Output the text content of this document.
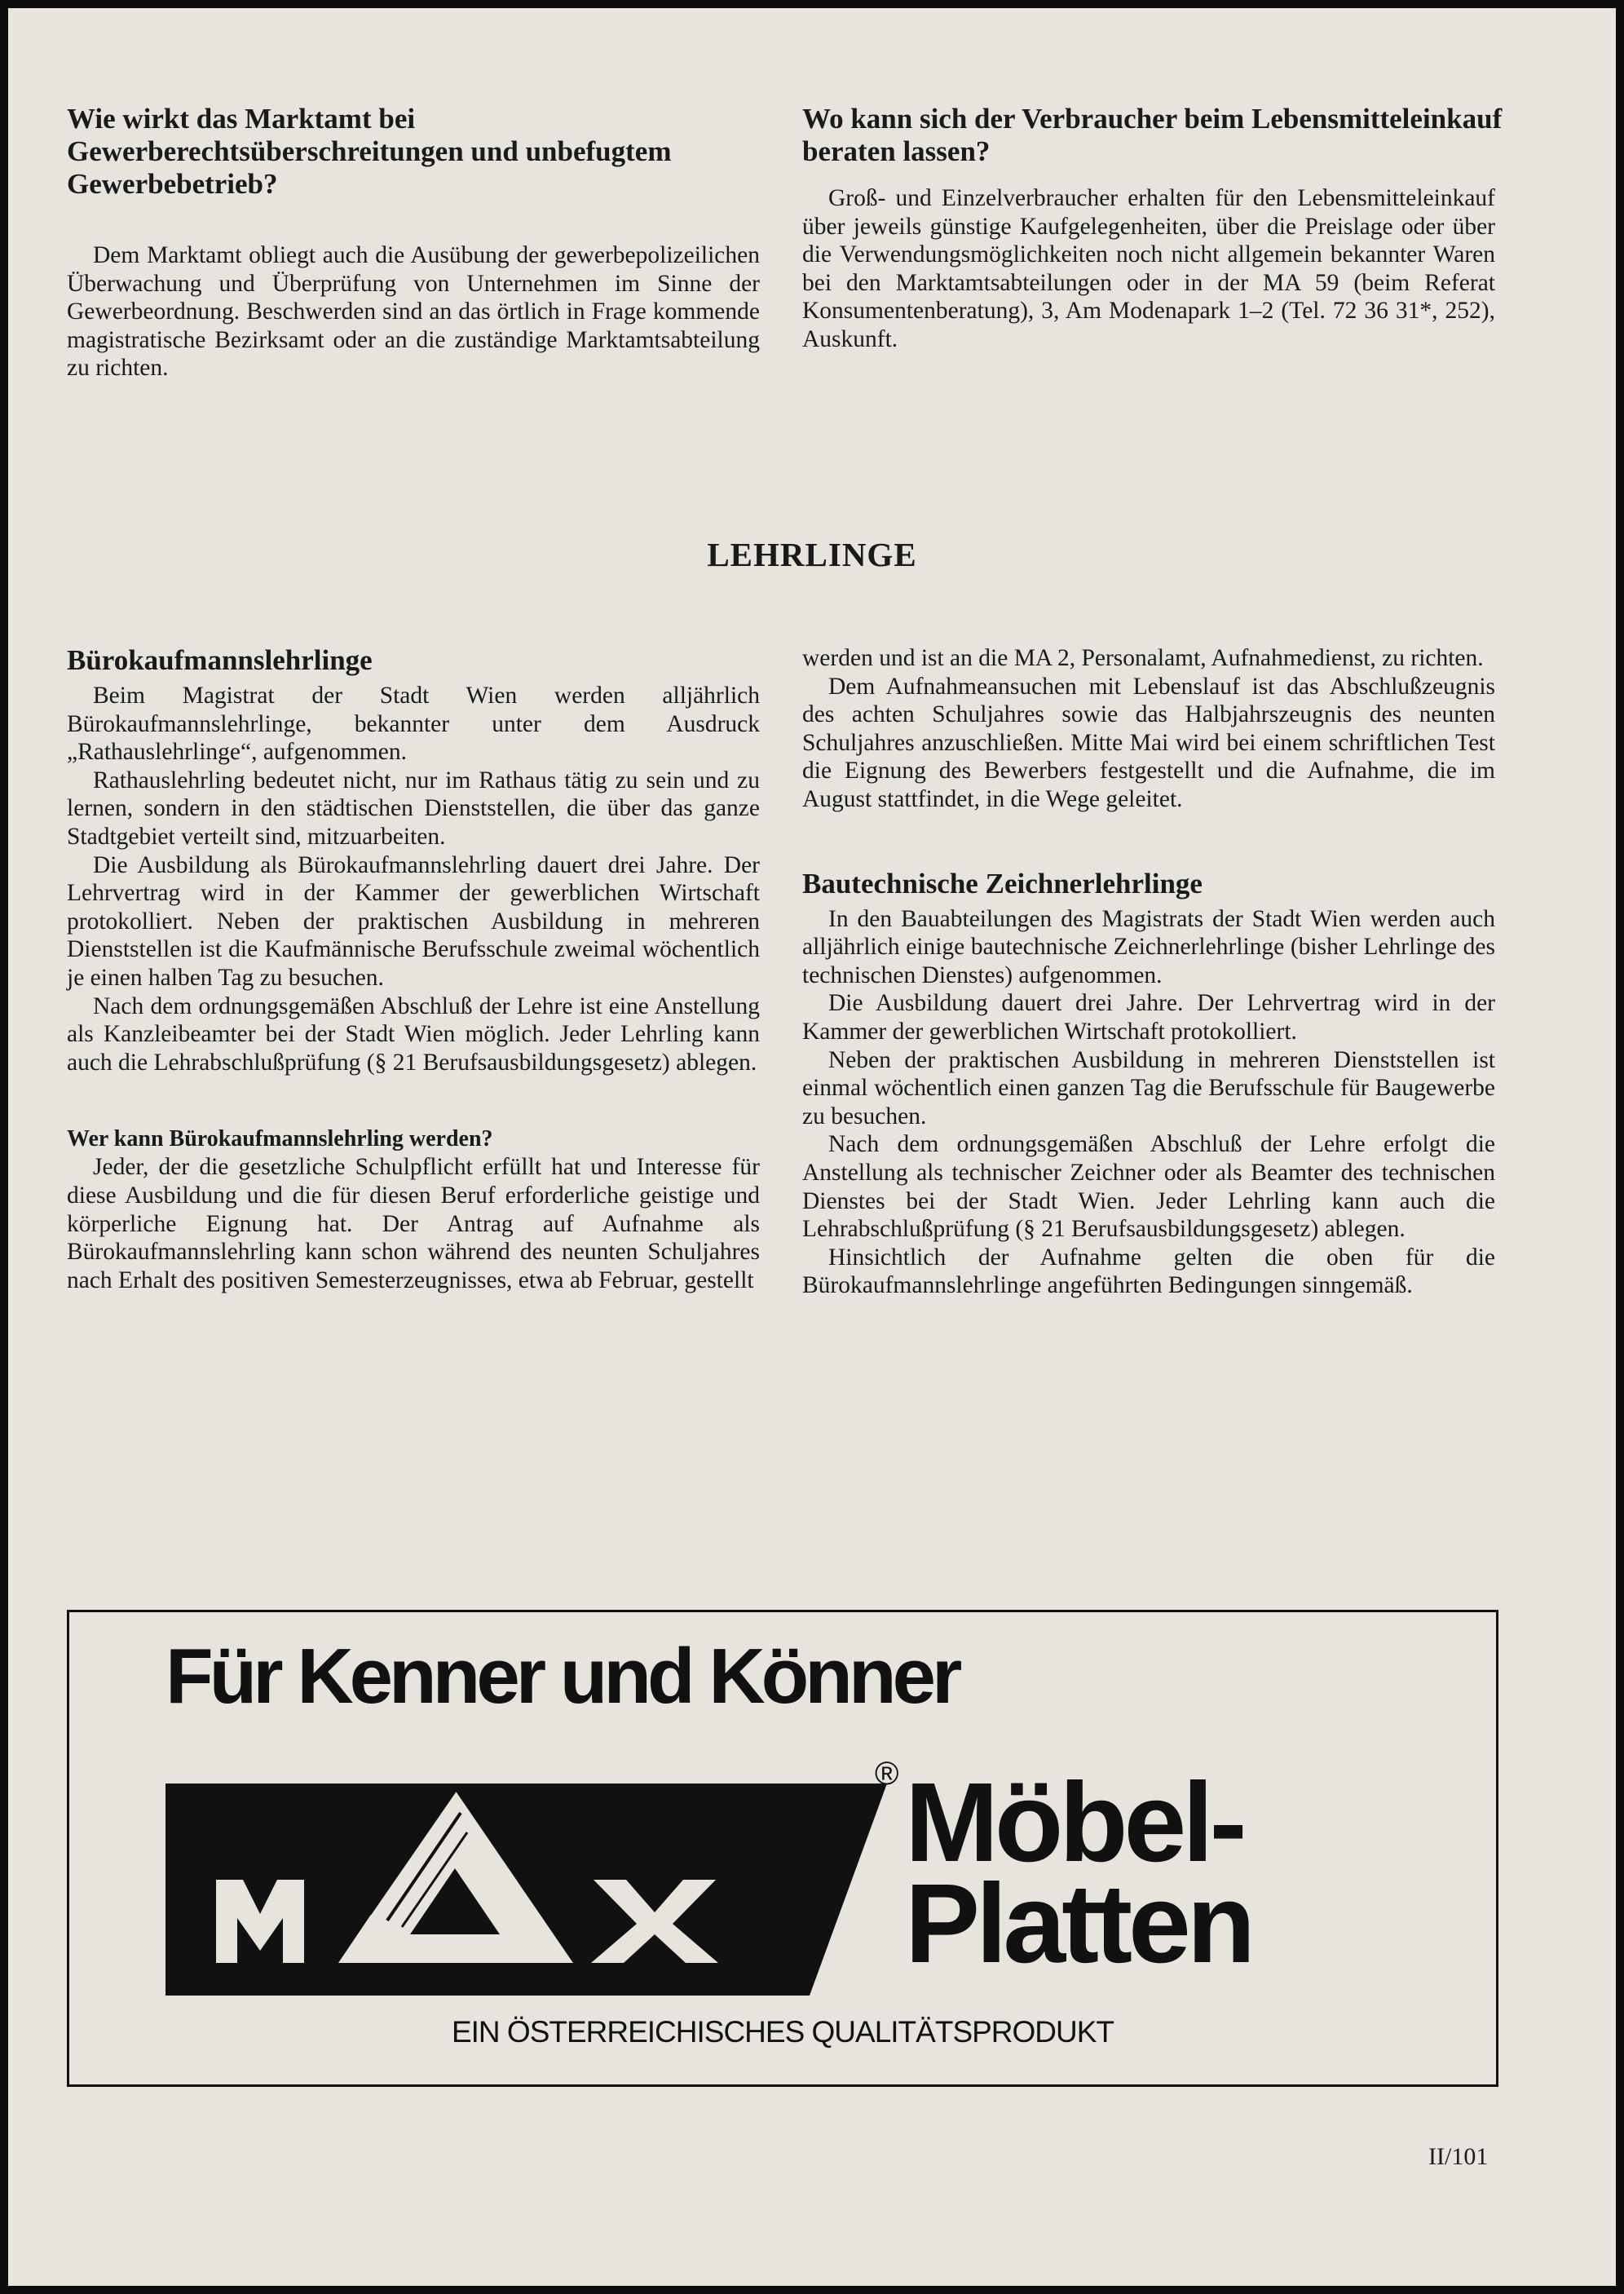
Wie wirkt das Marktamt bei Gewerberechtsüberschreitungen und unbefugtem Gewerbebetrieb?

Dem Marktamt obliegt auch die Ausübung der gewerbepolizeilichen Überwachung und Überprüfung von Unternehmen im Sinne der Gewerbeordnung. Beschwerden sind an das örtlich in Frage kommende magistratische Bezirksamt oder an die zuständige Marktamtsabteilung zu richten.

Wo kann sich der Verbraucher beim Lebensmitteleinkauf beraten lassen?

Groß- und Einzelverbraucher erhalten für den Lebensmitteleinkauf über jeweils günstige Kaufgelegenheiten, über die Preislage oder über die Verwendungsmöglichkeiten noch nicht allgemein bekannter Waren bei den Marktamtsabteilungen oder in der MA 59 (beim Referat Konsumentenberatung), 3, Am Modenapark 1–2 (Tel. 72 36 31*, 252), Auskunft.

LEHRLINGE
Bürokaufmannslehrlinge

Beim Magistrat der Stadt Wien werden alljährlich Bürokaufmannslehrlinge, bekannter unter dem Ausdruck „Rathauslehrlinge“, aufgenommen.

Rathauslehrling bedeutet nicht, nur im Rathaus tätig zu sein und zu lernen, sondern in den städtischen Dienststellen, die über das ganze Stadtgebiet verteilt sind, mitzuarbeiten.

Die Ausbildung als Bürokaufmannslehrling dauert drei Jahre. Der Lehrvertrag wird in der Kammer der gewerblichen Wirtschaft protokolliert. Neben der praktischen Ausbildung in mehreren Dienststellen ist die Kaufmännische Berufsschule zweimal wöchentlich je einen halben Tag zu besuchen.

Nach dem ordnungsgemäßen Abschluß der Lehre ist eine Anstellung als Kanzleibeamter bei der Stadt Wien möglich. Jeder Lehrling kann auch die Lehrabschlußprüfung (§ 21 Berufsausbildungsgesetz) ablegen.

Wer kann Bürokaufmannslehrling werden?

Jeder, der die gesetzliche Schulpflicht erfüllt hat und Interesse für diese Ausbildung und die für diesen Beruf erforderliche geistige und körperliche Eignung hat. Der Antrag auf Aufnahme als Bürokaufmannslehrling kann schon während des neunten Schuljahres nach Erhalt des positiven Semesterzeugnisses, etwa ab Februar, gestellt

werden und ist an die MA 2, Personalamt, Aufnahmedienst, zu richten.

Dem Aufnahmeansuchen mit Lebenslauf ist das Abschlußzeugnis des achten Schuljahres sowie das Halbjahrszeugnis des neunten Schuljahres anzuschließen. Mitte Mai wird bei einem schriftlichen Test die Eignung des Bewerbers festgestellt und die Aufnahme, die im August stattfindet, in die Wege geleitet.

Bautechnische Zeichnerlehrlinge

In den Bauabteilungen des Magistrats der Stadt Wien werden auch alljährlich einige bautechnische Zeichnerlehrlinge (bisher Lehrlinge des technischen Dienstes) aufgenommen.

Die Ausbildung dauert drei Jahre. Der Lehrvertrag wird in der Kammer der gewerblichen Wirtschaft protokolliert.

Neben der praktischen Ausbildung in mehreren Dienststellen ist einmal wöchentlich einen ganzen Tag die Berufsschule für Baugewerbe zu besuchen.

Nach dem ordnungsgemäßen Abschluß der Lehre erfolgt die Anstellung als technischer Zeichner oder als Beamter des technischen Dienstes bei der Stadt Wien. Jeder Lehrling kann auch die Lehrabschlußprüfung (§ 21 Berufsausbildungsgesetz) ablegen.

Hinsichtlich der Aufnahme gelten die oben für die Bürokaufmannslehrlinge angeführten Bedingungen sinngemäß.

Für Kenner und Könner
® Möbel-
Platten
EIN ÖSTERREICHISCHES QUALITÄTSPRODUKT
II/101
